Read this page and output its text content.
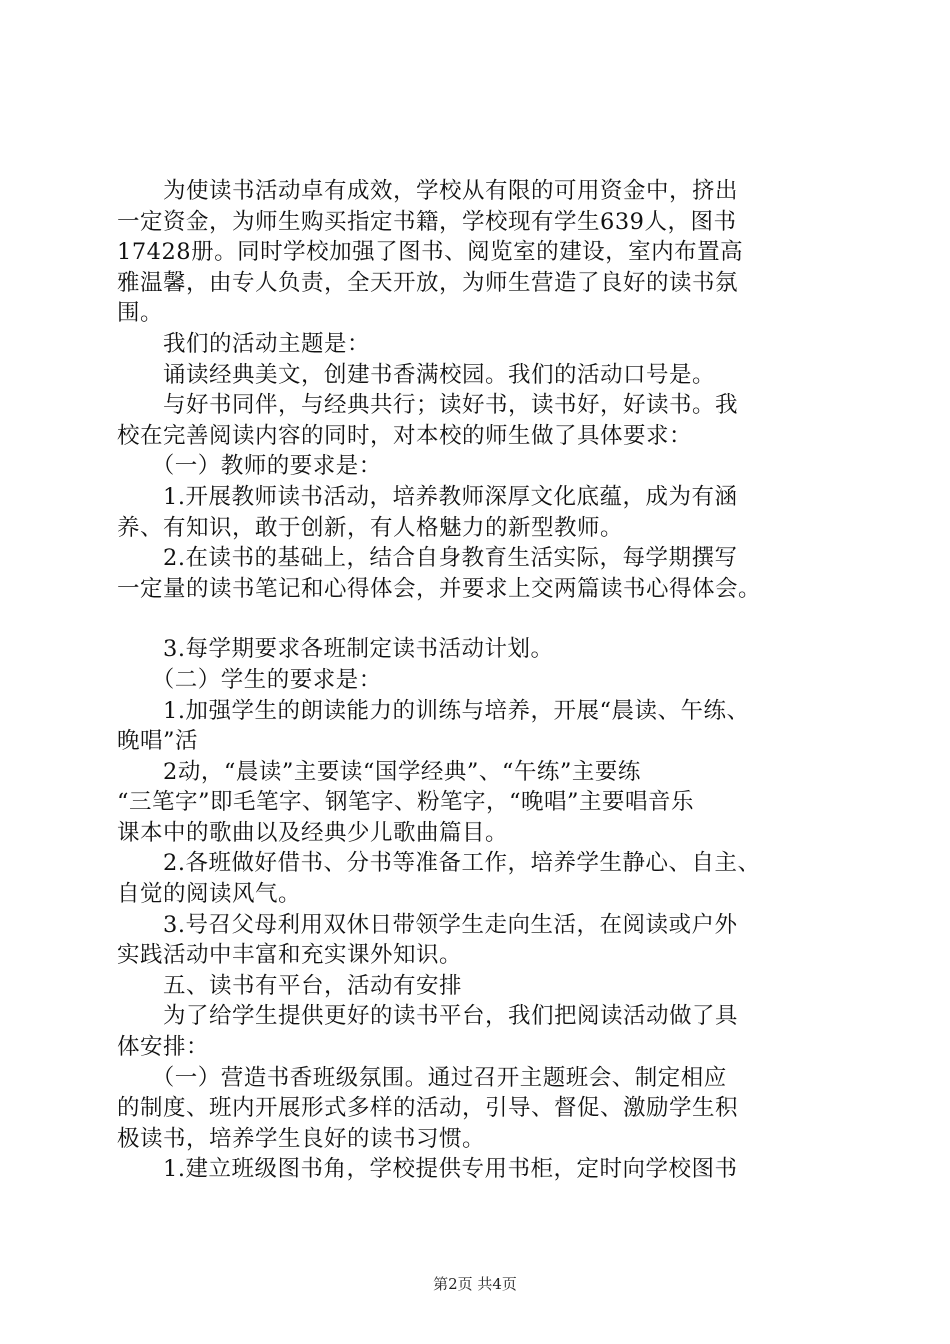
　　为使读书活动卓有成效，学校从有限的可用资金中，挤出
一定资金，为师生购买指定书籍，学校现有学生639人，图书
17428册。同时学校加强了图书、阅览室的建设，室内布置高
雅温馨，由专人负责，全天开放，为师生营造了良好的读书氛
围。
　　我们的活动主题是：
　　诵读经典美文，创建书香满校园。我们的活动口号是。
　　与好书同伴，与经典共行；读好书，读书好，好读书。我
校在完善阅读内容的同时，对本校的师生做了具体要求：
　　（一）教师的要求是：
　　1.开展教师读书活动，培养教师深厚文化底蕴，成为有涵
养、有知识，敢于创新，有人格魅力的新型教师。
　　2.在读书的基础上，结合自身教育生活实际，每学期撰写
一定量的读书笔记和心得体会，并要求上交两篇读书心得体会。
　　3.每学期要求各班制定读书活动计划。
　　（二）学生的要求是：
　　1.加强学生的朗读能力的训练与培养，开展“晨读、午练、
晚唱”活
　　2动，“晨读”主要读“国学经典”、“午练”主要练
“三笔字”即毛笔字、钢笔字、粉笔字，“晚唱”主要唱音乐
课本中的歌曲以及经典少儿歌曲篇目。
　　2.各班做好借书、分书等准备工作，培养学生静心、自主、
自觉的阅读风气。
　　3.号召父母利用双休日带领学生走向生活，在阅读或户外
实践活动中丰富和充实课外知识。
　　五、读书有平台，活动有安排
　　为了给学生提供更好的读书平台，我们把阅读活动做了具
体安排：
　　（一）营造书香班级氛围。通过召开主题班会、制定相应
的制度、班内开展形式多样的活动，引导、督促、激励学生积
极读书，培养学生良好的读书习惯。
　　1.建立班级图书角，学校提供专用书柜，定时向学校图书
第2页 共4页
